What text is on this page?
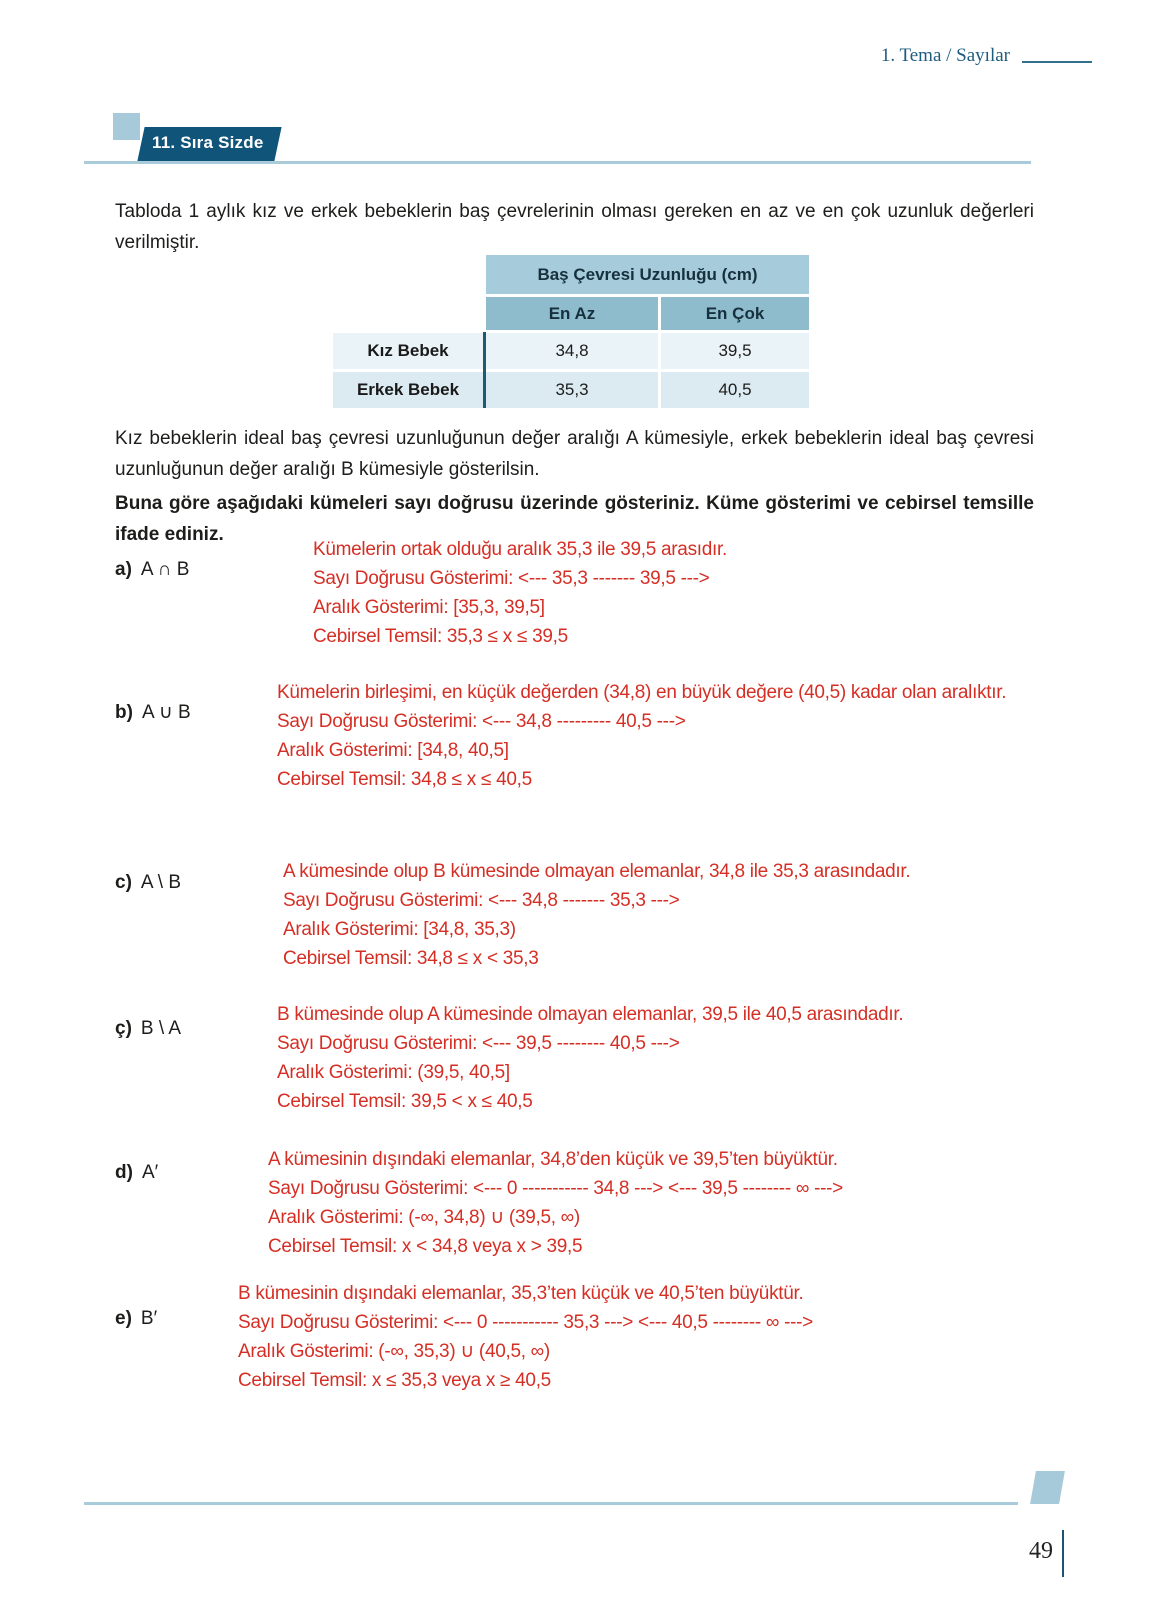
1. Tema / Sayılar
11. Sıra Sizde
Tabloda 1 aylık kız ve erkek bebeklerin baş çevrelerinin olması gereken en az ve en çok uzunluk değerleri verilmiştir.
Baş Çevresi Uzunluğu (cm)
En Az	En Çok
Kız Bebek	34,8	39,5
Erkek Bebek	35,3	40,5
Kız bebeklerin ideal baş çevresi uzunluğunun değer aralığı A kümesiyle, erkek bebeklerin ideal baş çevresi uzunluğunun değer aralığı B kümesiyle gösterilsin.
Buna göre aşağıdaki kümeleri sayı doğrusu üzerinde gösteriniz. Küme gösterimi ve cebirsel temsille ifade ediniz.
a) A ∩ B
Kümelerin ortak olduğu aralık 35,3 ile 39,5 arasıdır.
Sayı Doğrusu Gösterimi: <--- 35,3 ------- 39,5 --->
Aralık Gösterimi: [35,3, 39,5]
Cebirsel Temsil: 35,3 ≤ x ≤ 39,5
b) A ∪ B
Kümelerin birleşimi, en küçük değerden (34,8) en büyük değere (40,5) kadar olan aralıktır.
Sayı Doğrusu Gösterimi: <--- 34,8 --------- 40,5 --->
Aralık Gösterimi: [34,8, 40,5]
Cebirsel Temsil: 34,8 ≤ x ≤ 40,5
c) A \ B
A kümesinde olup B kümesinde olmayan elemanlar, 34,8 ile 35,3 arasındadır.
Sayı Doğrusu Gösterimi: <--- 34,8 ------- 35,3 --->
Aralık Gösterimi: [34,8, 35,3)
Cebirsel Temsil: 34,8 ≤ x < 35,3
ç) B \ A
B kümesinde olup A kümesinde olmayan elemanlar, 39,5 ile 40,5 arasındadır.
Sayı Doğrusu Gösterimi: <--- 39,5 -------- 40,5 --->
Aralık Gösterimi: (39,5, 40,5]
Cebirsel Temsil: 39,5 < x ≤ 40,5
d) A′
A kümesinin dışındaki elemanlar, 34,8’den küçük ve 39,5’ten büyüktür.
Sayı Doğrusu Gösterimi: <--- 0 ----------- 34,8 ---> <--- 39,5 -------- ∞ --->
Aralık Gösterimi: (-∞, 34,8) ∪ (39,5, ∞)
Cebirsel Temsil: x < 34,8 veya x > 39,5
e) B′
B kümesinin dışındaki elemanlar, 35,3’ten küçük ve 40,5’ten büyüktür.
Sayı Doğrusu Gösterimi: <--- 0 ----------- 35,3 ---> <--- 40,5 -------- ∞ --->
Aralık Gösterimi: (-∞, 35,3) ∪ (40,5, ∞)
Cebirsel Temsil: x ≤ 35,3 veya x ≥ 40,5
49
